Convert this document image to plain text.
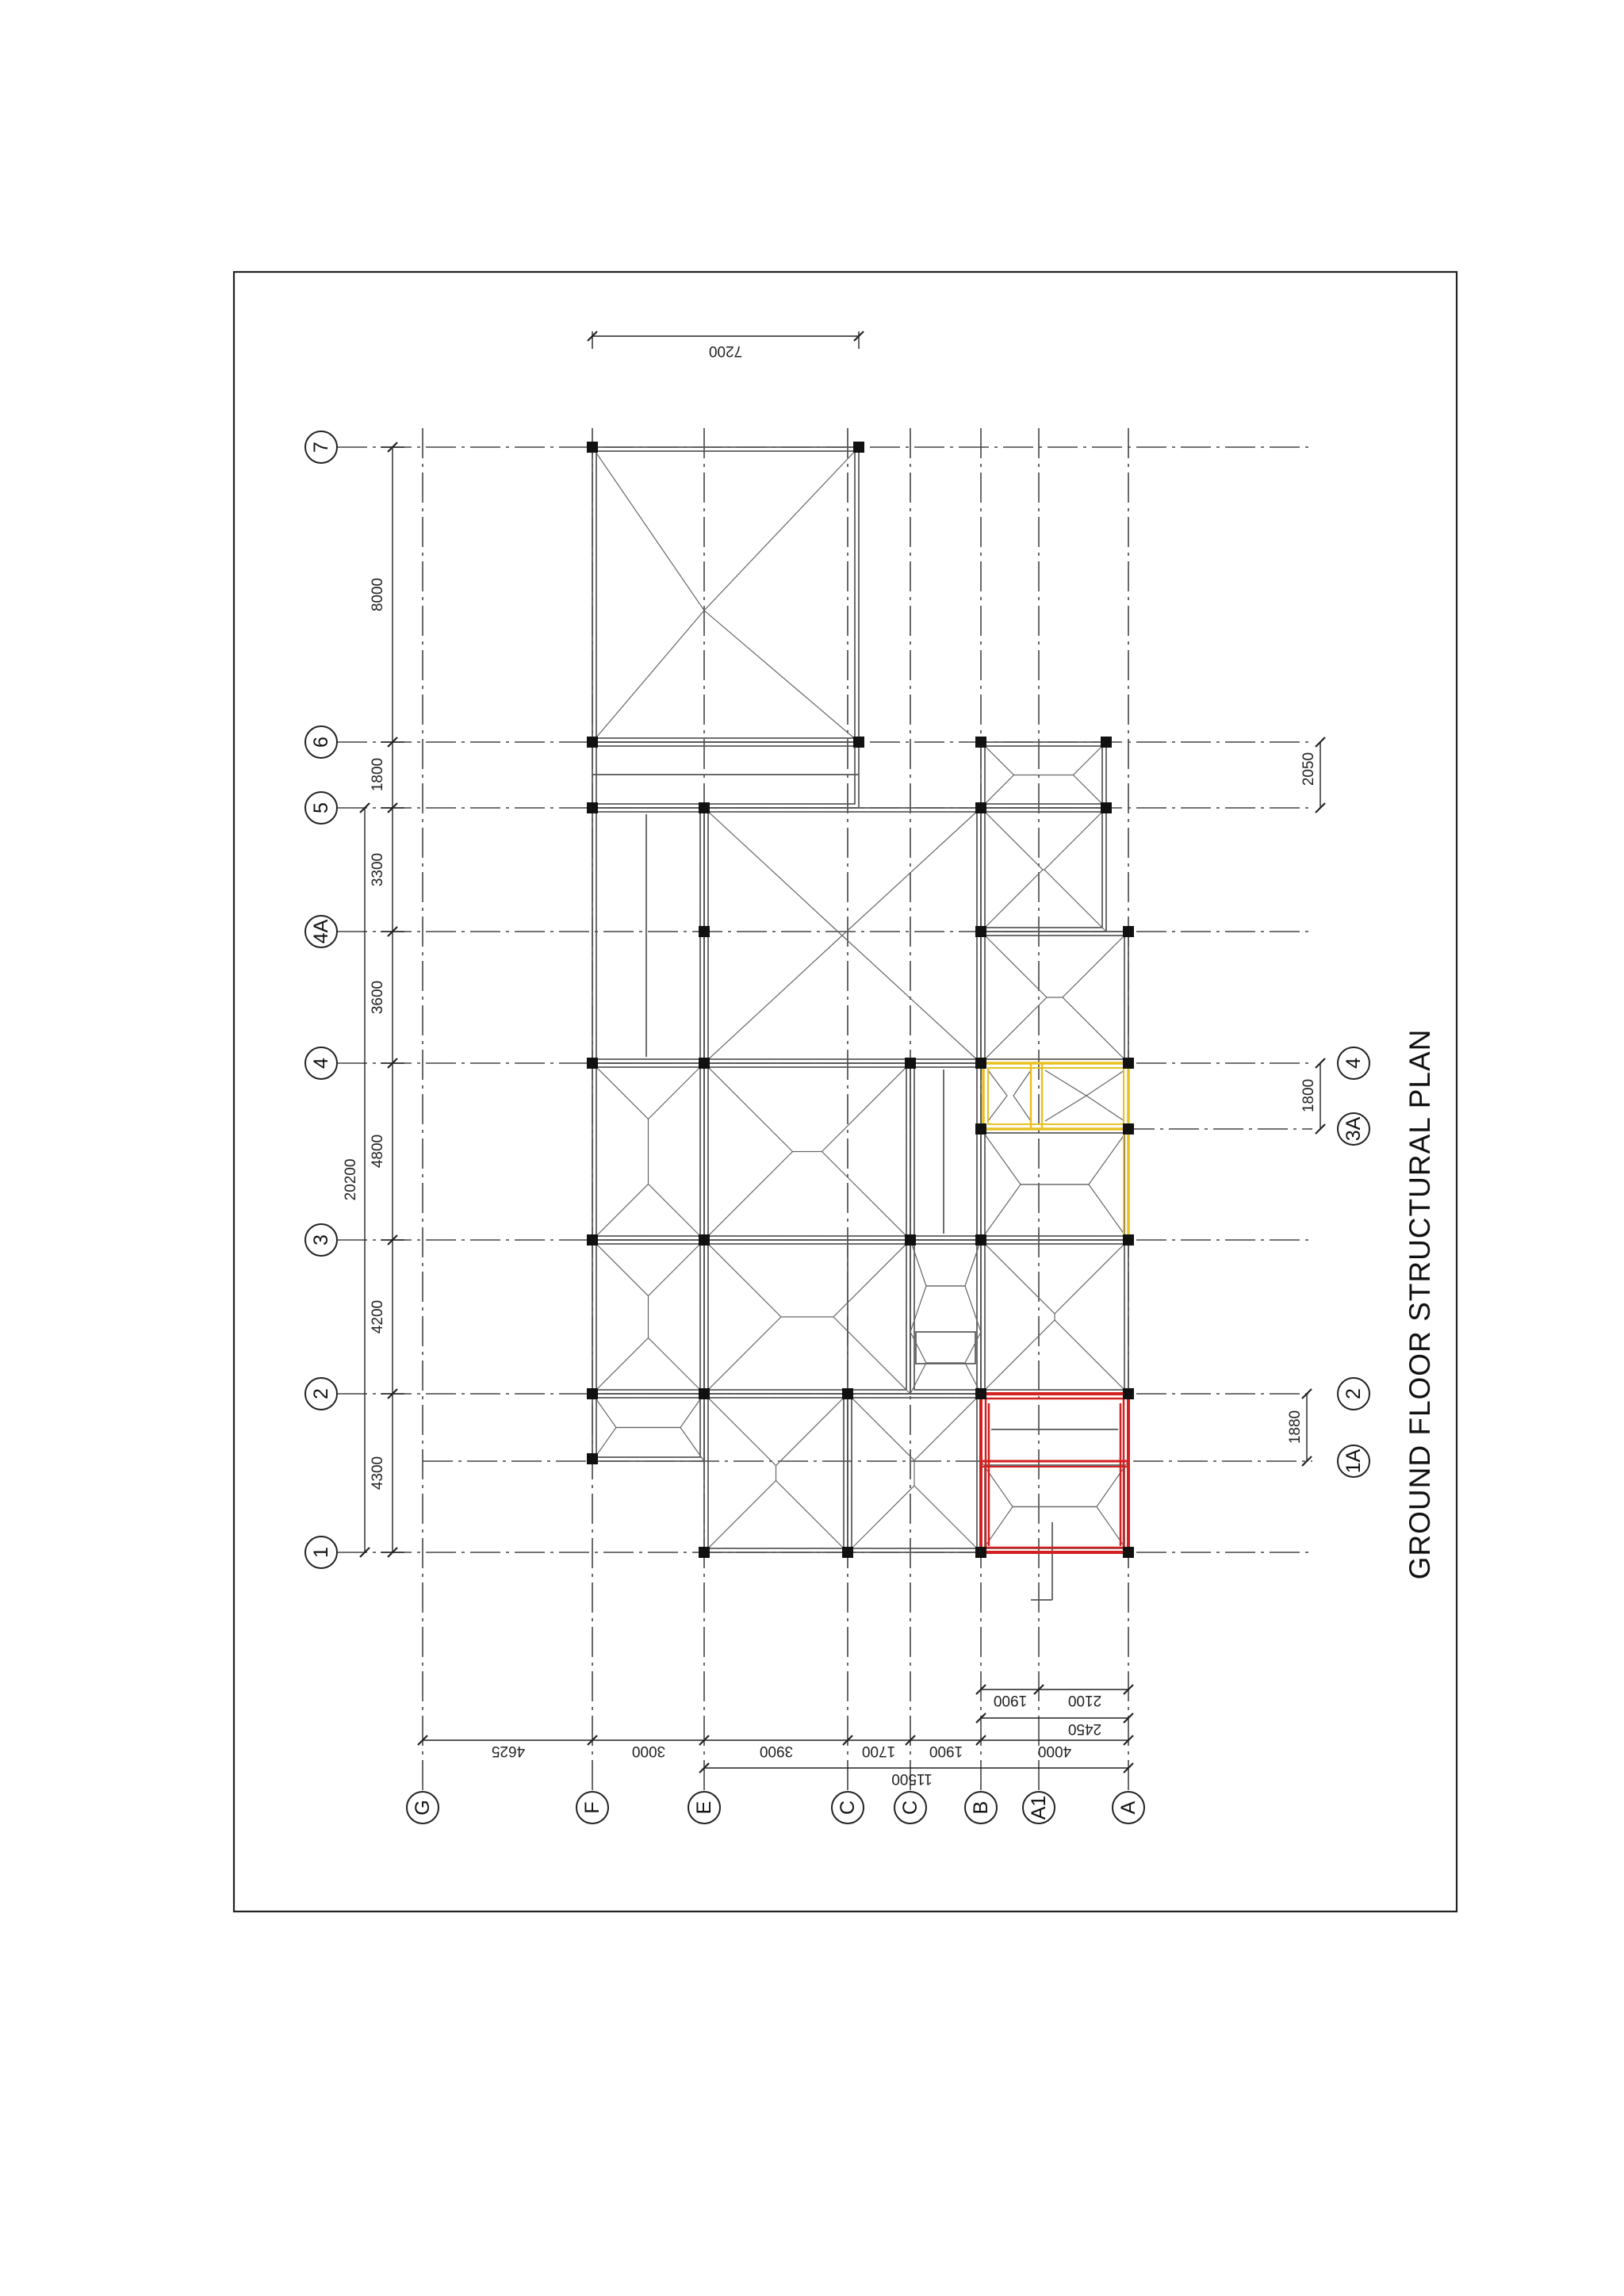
1
2
3
4
4A
5
6
7
2
1A
4
3A
G	F	E	C C B A1	A
4300
4200
4800
3600
3300
1800
8000
20200
1880
1800
2050
7200
4625	3000	3900	1700 1900	4000
2450
2100
1900
11500
GROUND FLOOR STRUCTURAL PLAN
